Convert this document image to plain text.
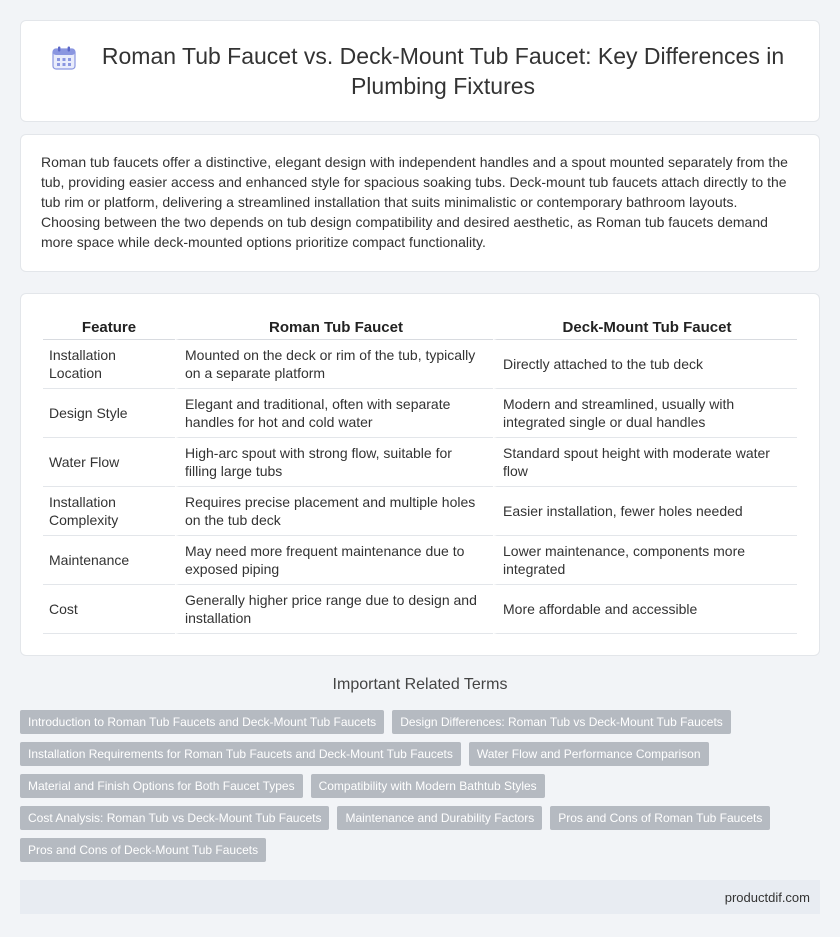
Roman Tub Faucet vs. Deck-Mount Tub Faucet: Key Differences in Plumbing Fixtures

Roman tub faucets offer a distinctive, elegant design with independent handles and a spout mounted separately from the tub, providing easier access and enhanced style for spacious soaking tubs. Deck-mount tub faucets attach directly to the tub rim or platform, delivering a streamlined installation that suits minimalistic or contemporary bathroom layouts. Choosing between the two depends on tub design compatibility and desired aesthetic, as Roman tub faucets demand more space while deck-mounted options prioritize compact functionality.

Feature	Roman Tub Faucet	Deck-Mount Tub Faucet
Installation Location	Mounted on the deck or rim of the tub, typically on a separate platform	Directly attached to the tub deck
Design Style	Elegant and traditional, often with separate handles for hot and cold water	Modern and streamlined, usually with integrated single or dual handles
Water Flow	High-arc spout with strong flow, suitable for filling large tubs	Standard spout height with moderate water flow
Installation Complexity	Requires precise placement and multiple holes on the tub deck	Easier installation, fewer holes needed
Maintenance	May need more frequent maintenance due to exposed piping	Lower maintenance, components more integrated
Cost	Generally higher price range due to design and installation	More affordable and accessible
Important Related Terms
Introduction to Roman Tub Faucets and Deck-Mount Tub Faucets	Design Differences: Roman Tub vs Deck-Mount Tub Faucets
Installation Requirements for Roman Tub Faucets and Deck-Mount Tub Faucets	Water Flow and Performance Comparison
Material and Finish Options for Both Faucet Types	Compatibility with Modern Bathtub Styles
Cost Analysis: Roman Tub vs Deck-Mount Tub Faucets	Maintenance and Durability Factors	Pros and Cons of Roman Tub Faucets
Pros and Cons of Deck-Mount Tub Faucets
productdif.com
